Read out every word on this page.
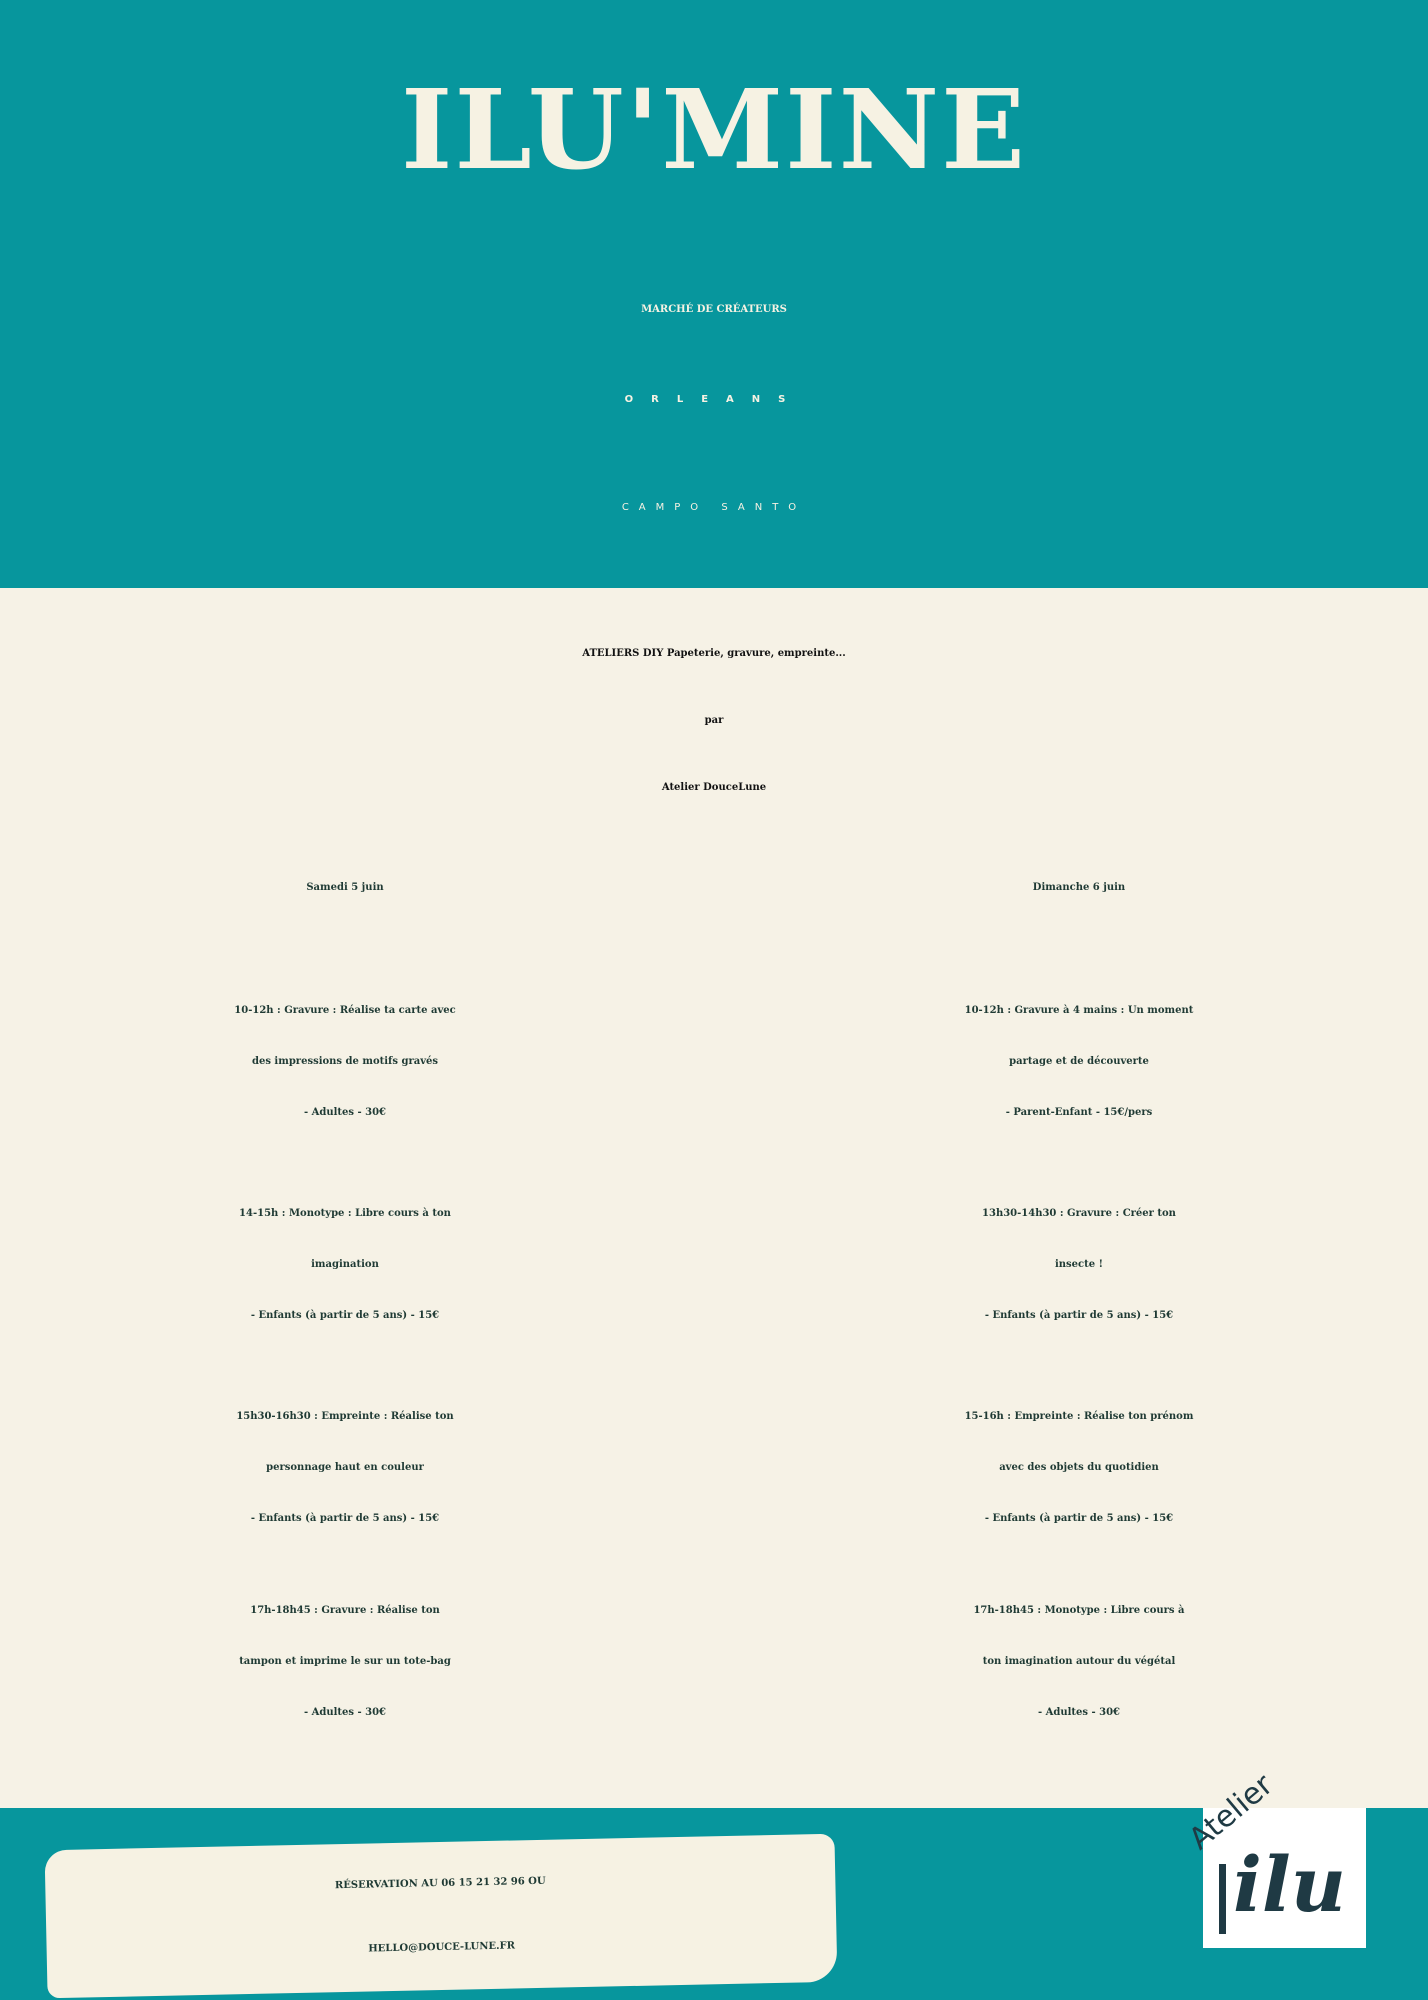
ILU'MINE
MARCHÉ DE CRÉATEURS
ORLEANS
CAMPO SANTO
ATELIERS DIY Papeterie, gravure, empreinte...
par
Atelier DouceLune
Samedi 5 juin	Dimanche 6 juin
10-12h : Gravure : Réalise ta carte avec
des impressions de motifs gravés
- Adultes - 30€
14-15h : Monotype : Libre cours à ton
imagination
- Enfants (à partir de 5 ans) - 15€
15h30-16h30 : Empreinte : Réalise ton
personnage haut en couleur
- Enfants (à partir de 5 ans) - 15€
17h-18h45 : Gravure : Réalise ton
tampon et imprime le sur un tote-bag
- Adultes - 30€
10-12h : Gravure à 4 mains : Un moment
partage et de découverte
- Parent-Enfant - 15€/pers
13h30-14h30 : Gravure : Créer ton
insecte !
- Enfants (à partir de 5 ans) - 15€
15-16h : Empreinte : Réalise ton prénom
avec des objets du quotidien
- Enfants (à partir de 5 ans) - 15€
17h-18h45 : Monotype : Libre cours à
ton imagination autour du végétal
- Adultes - 30€
RÉSERVATION AU 06 15 21 32 96 OU
HELLO@DOUCE-LUNE.FR
Atelier
ilu
